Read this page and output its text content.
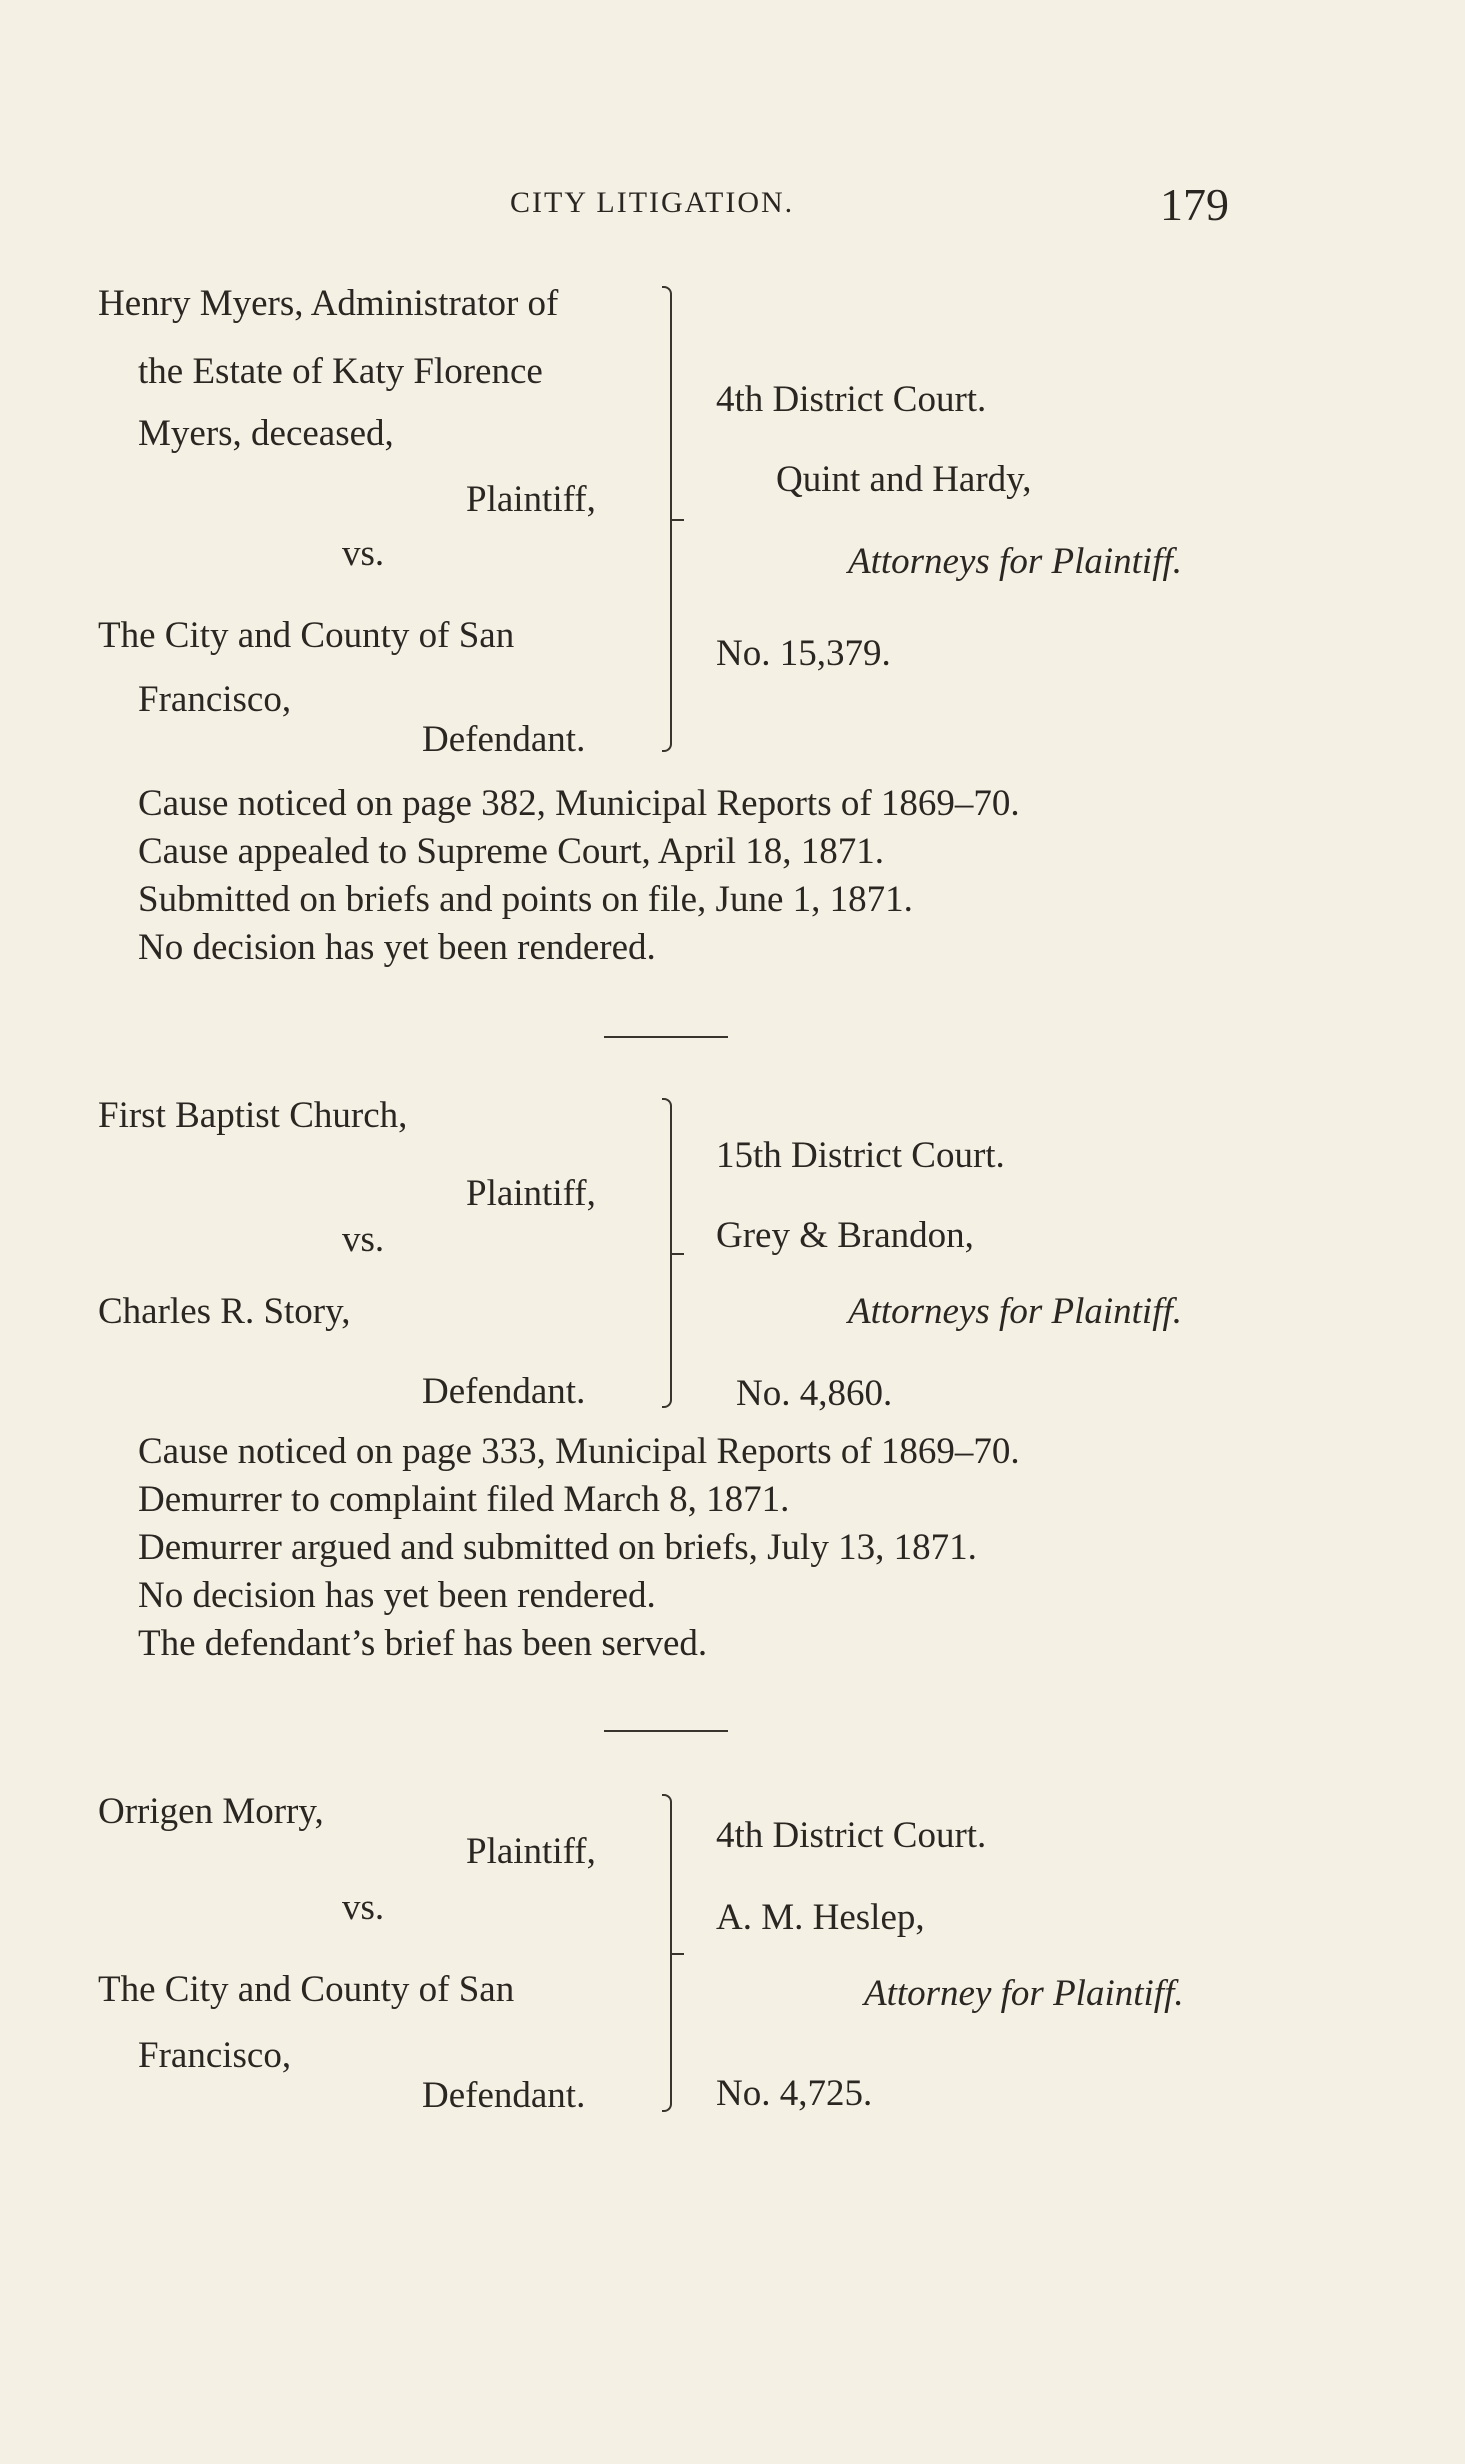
CITY LITIGATION.	179
Henry Myers, Administrator of
the Estate of Katy Florence
Myers, deceased,
Plaintiff,
vs.
The City and County of San
Francisco,
Defendant.
4th District Court.
Quint and Hardy,
Attorneys for Plaintiff.
No. 15,379.
Cause noticed on page 382, Municipal Reports of 1869–70.
Cause appealed to Supreme Court, April 18, 1871.
Submitted on briefs and points on file, June 1, 1871.
No decision has yet been rendered.
First Baptist Church,
Plaintiff,
vs.
Charles R. Story,
Defendant.
15th District Court.
Grey & Brandon,
Attorneys for Plaintiff.
No. 4,860.
Cause noticed on page 333, Municipal Reports of 1869–70.
Demurrer to complaint filed March 8, 1871.
Demurrer argued and submitted on briefs, July 13, 1871.
No decision has yet been rendered.
The defendant’s brief has been served.
Orrigen Morry,
Plaintiff,
vs.
The City and County of San
Francisco,
Defendant.
4th District Court.
A. M. Heslep,
Attorney for Plaintiff.
No. 4,725.
